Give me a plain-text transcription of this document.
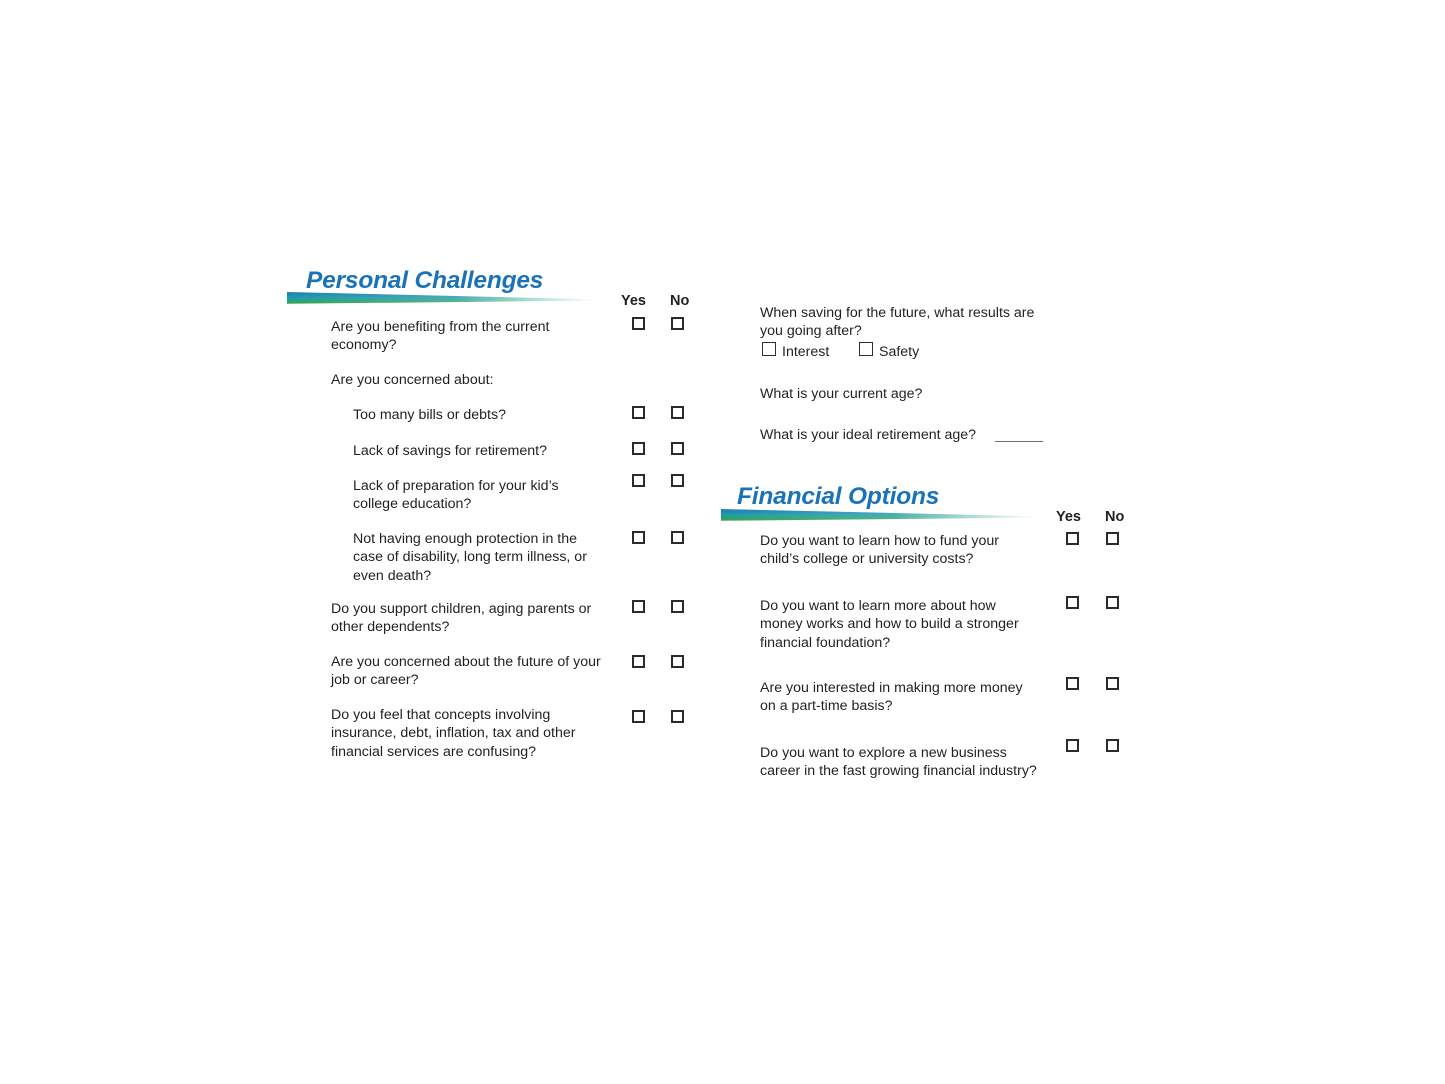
Personal Challenges
Yes No
Are you benefiting from the current economy?
Are you concerned about:
Too many bills or debts?
Lack of savings for retirement?
Lack of preparation for your kid’s college education?
Not having enough protection in the case of disability, long term illness, or even death?
Do you support children, aging parents or other dependents?
Are you concerned about the future of your job or career?
Do you feel that concepts involving insurance, debt, inflation, tax and other financial services are confusing?
When saving for the future, what results are you going after?
Interest	Safety
What is your current age?
What is your ideal retirement age?
Financial Options
Yes No
Do you want to learn how to fund your child’s college or university costs?
Do you want to learn more about how money works and how to build a stronger financial foundation?
Are you interested in making more money on a part-time basis?
Do you want to explore a new business career in the fast growing financial industry?
